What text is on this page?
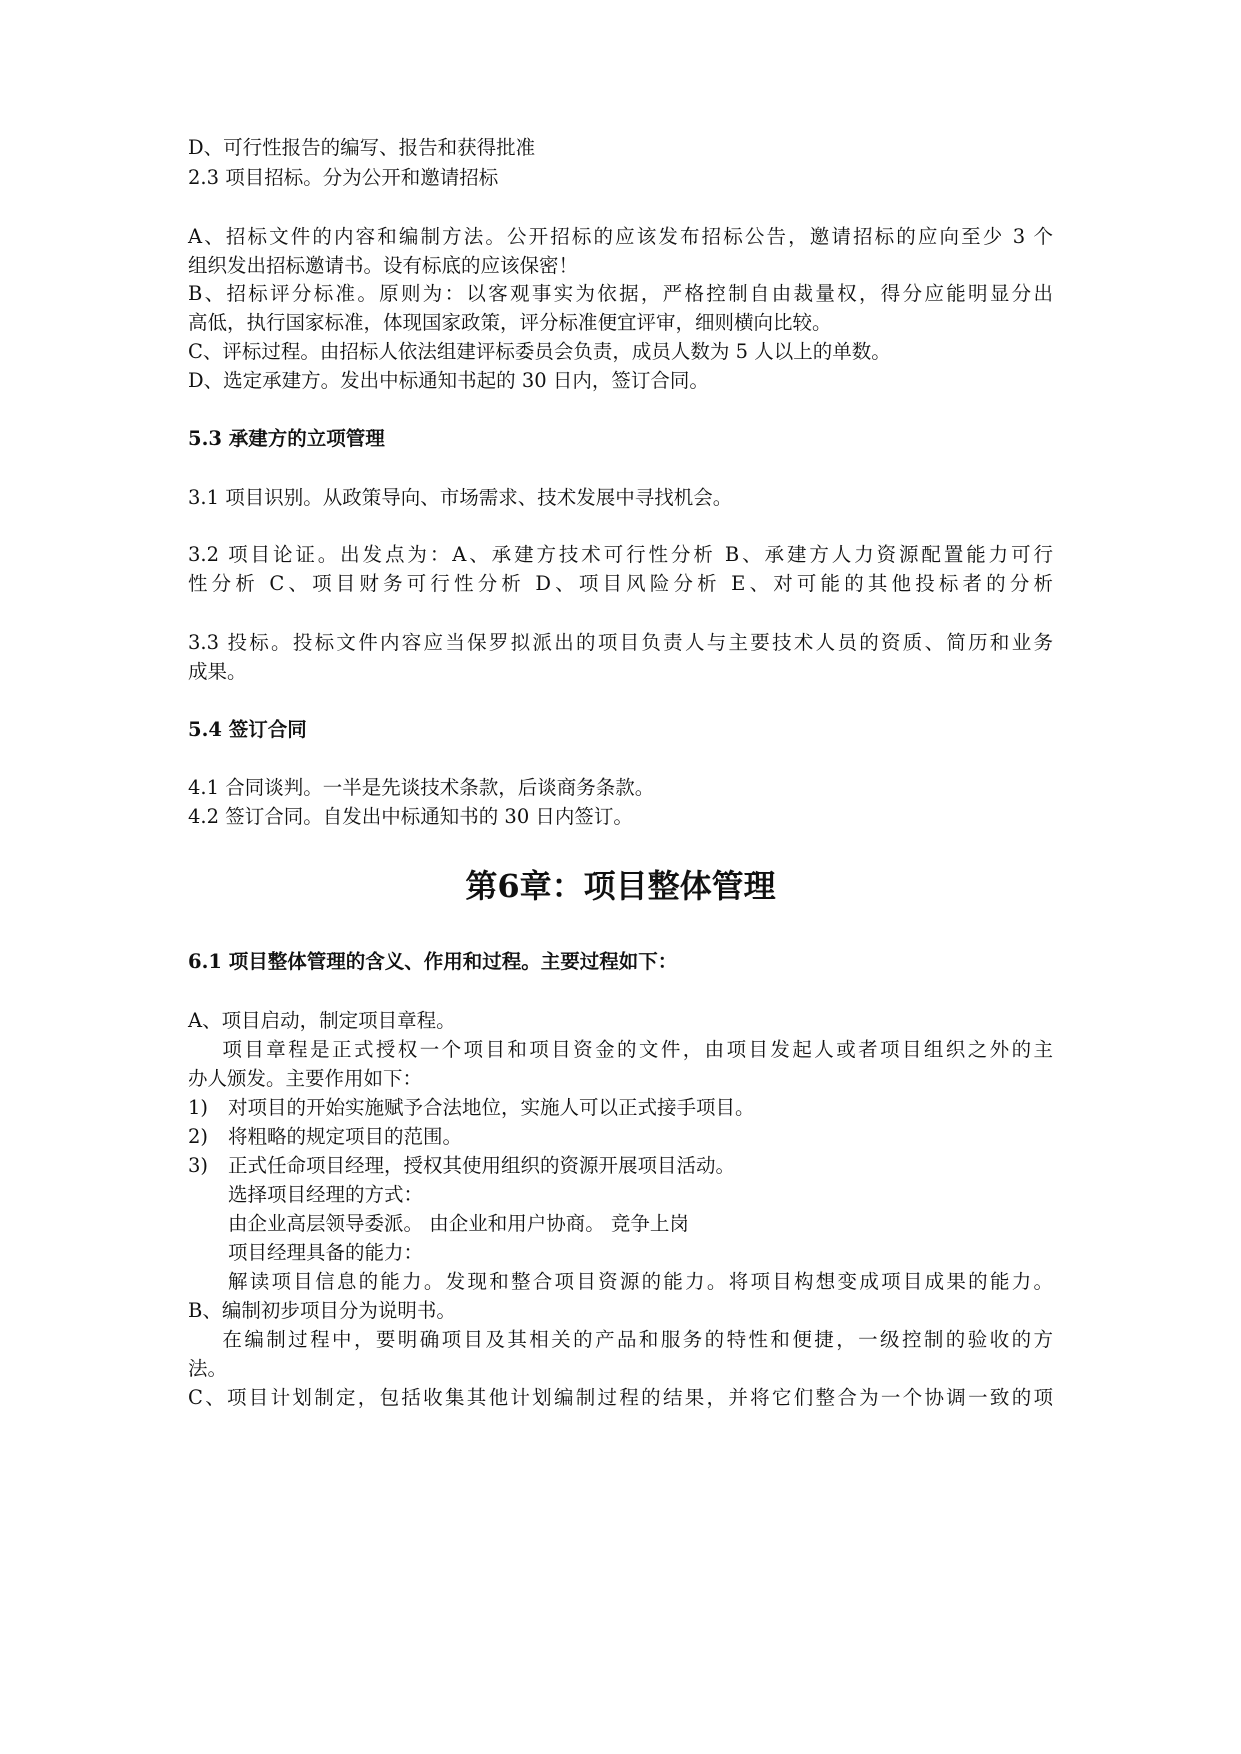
D、可行性报告的编写、报告和获得批准
2.3 项目招标。分为公开和邀请招标
A、招标文件的内容和编制方法。公开招标的应该发布招标公告，邀请招标的应向至少 3 个
组织发出招标邀请书。设有标底的应该保密！
B、招标评分标准。原则为：以客观事实为依据，严格控制自由裁量权，得分应能明显分出
高低，执行国家标准，体现国家政策，评分标准便宜评审，细则横向比较。
C、评标过程。由招标人依法组建评标委员会负责，成员人数为 5 人以上的单数。
D、选定承建方。发出中标通知书起的 30 日内，签订合同。
5.3 承建方的立项管理
3.1 项目识别。从政策导向、市场需求、技术发展中寻找机会。
3.2 项目论证。出发点为：A、承建方技术可行性分析 B、承建方人力资源配置能力可行
性分析 C、项目财务可行性分析 D、项目风险分析 E、对可能的其他投标者的分析
3.3 投标。投标文件内容应当保罗拟派出的项目负责人与主要技术人员的资质、简历和业务
成果。
5.4 签订合同
4.1 合同谈判。一半是先谈技术条款，后谈商务条款。
4.2 签订合同。自发出中标通知书的 30 日内签订。
第6章：项目整体管理
6.1 项目整体管理的含义、作用和过程。主要过程如下：
A、项目启动，制定项目章程。
项目章程是正式授权一个项目和项目资金的文件，由项目发起人或者项目组织之外的主
办人颁发。主要作用如下：
1) 对项目的开始实施赋予合法地位，实施人可以正式接手项目。
2) 将粗略的规定项目的范围。
3) 正式任命项目经理，授权其使用组织的资源开展项目活动。
选择项目经理的方式：
由企业高层领导委派。 由企业和用户协商。 竞争上岗
项目经理具备的能力：
解读项目信息的能力。发现和整合项目资源的能力。将项目构想变成项目成果的能力。
B、编制初步项目分为说明书。
在编制过程中，要明确项目及其相关的产品和服务的特性和便捷，一级控制的验收的方
法。
C、项目计划制定，包括收集其他计划编制过程的结果，并将它们整合为一个协调一致的项
